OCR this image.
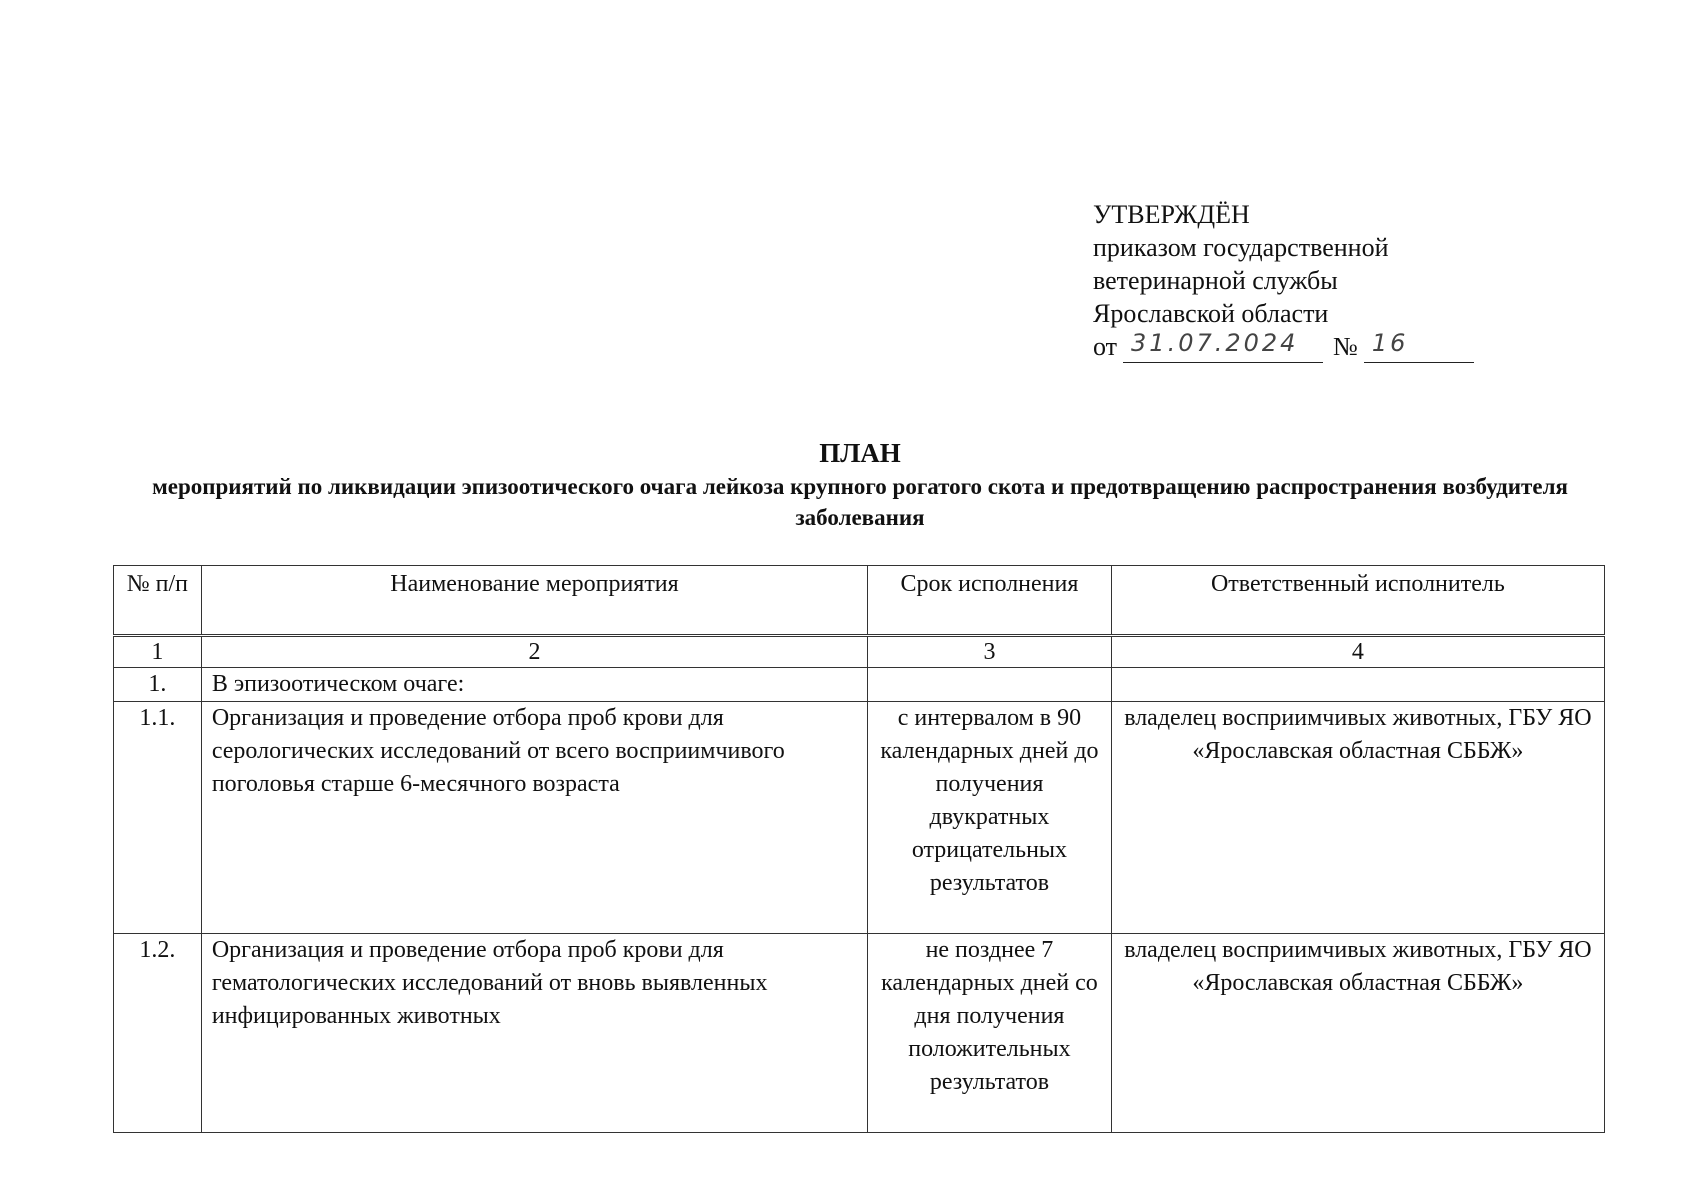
УТВЕРЖДЁН
приказом государственной
ветеринарной службы
Ярославской области
от 31.07.2024 № 16
ПЛАН
мероприятий по ликвидации эпизоотического очага лейкоза крупного рогатого скота и предотвращению распространения возбудителя заболевания
№ п/п	Наименование мероприятия	Срок исполнения	Ответственный исполнитель
1	2	3	4
1.	В эпизоотическом очаге:		
1.1.	Организация и проведение отбора проб крови для серологических исследований от всего восприимчивого поголовья старше 6-месячного возраста	с интервалом в 90 календарных дней до получения двукратных отрицательных результатов	владелец восприимчивых животных, ГБУ ЯО «Ярославская областная СББЖ»
1.2.	Организация и проведение отбора проб крови для гематологических исследований от вновь выявленных инфицированных животных	не позднее 7 календарных дней со дня получения положительных результатов	владелец восприимчивых животных, ГБУ ЯО «Ярославская областная СББЖ»
